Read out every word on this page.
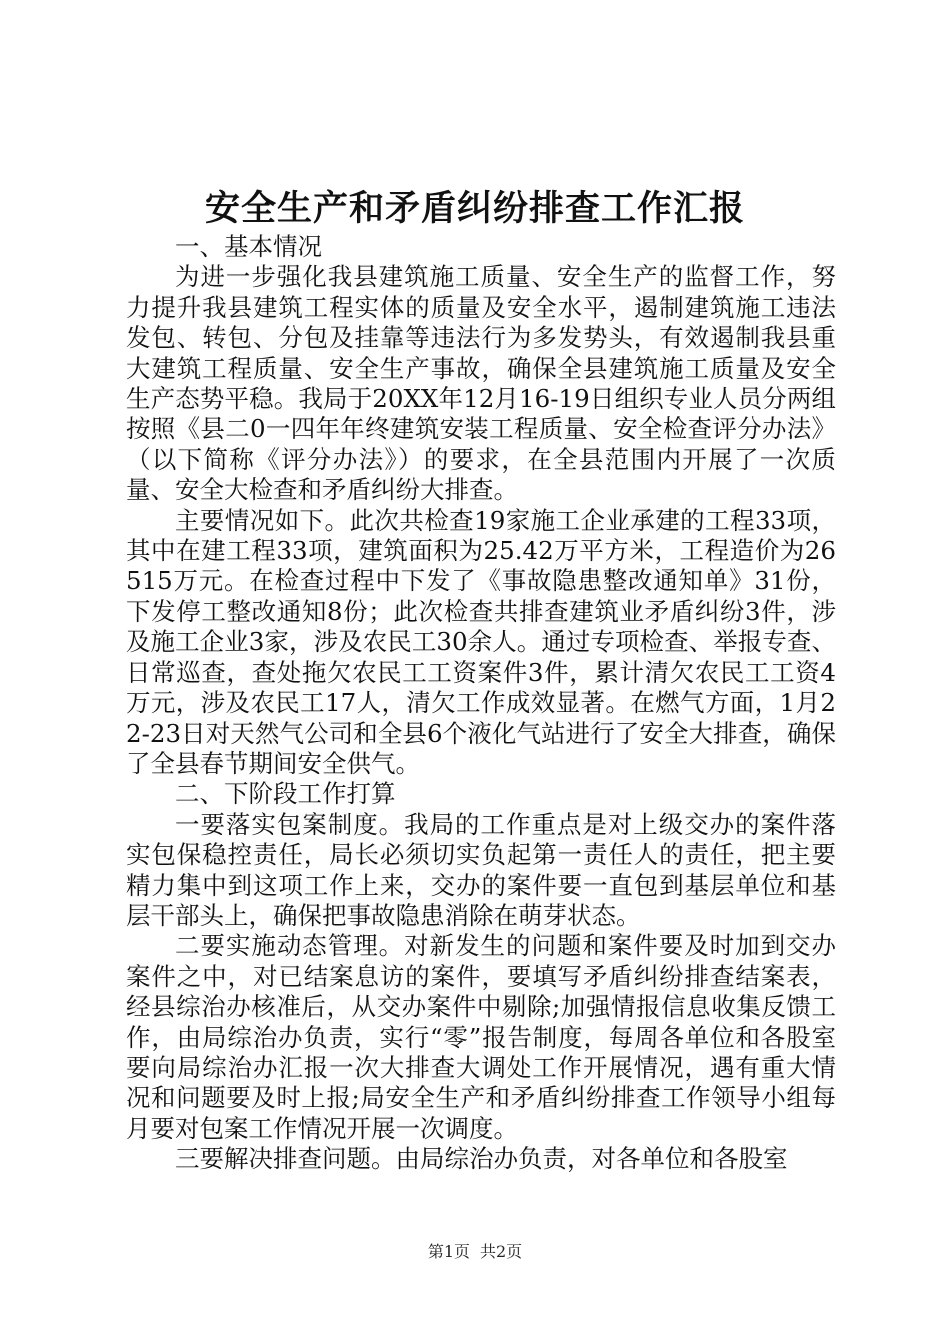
安全生产和矛盾纠纷排查工作汇报

一、基本情况

为进一步强化我县建筑施工质量、安全生产的监督工作，努力提升我县建筑工程实体的质量及安全水平，遏制建筑施工违法发包、转包、分包及挂靠等违法行为多发势头，有效遏制我县重大建筑工程质量、安全生产事故，确保全县建筑施工质量及安全生产态势平稳。我局于20XX年12月16-19日组织专业人员分两组按照《县二0一四年年终建筑安装工程质量、安全检查评分办法》（以下简称《评分办法》）的要求，在全县范围内开展了一次质量、安全大检查和矛盾纠纷大排查。

主要情况如下。此次共检查19家施工企业承建的工程33项，其中在建工程33项，建筑面积为25.42万平方米，工程造价为26515万元。在检查过程中下发了《事故隐患整改通知单》31份，下发停工整改通知8份；此次检查共排查建筑业矛盾纠纷3件，涉及施工企业3家，涉及农民工30余人。通过专项检查、举报专查、日常巡查，查处拖欠农民工工资案件3件，累计清欠农民工工资4万元，涉及农民工17人，清欠工作成效显著。在燃气方面，1月22-23日对天然气公司和全县6个液化气站进行了安全大排查，确保了全县春节期间安全供气。

二、下阶段工作打算

一要落实包案制度。我局的工作重点是对上级交办的案件落实包保稳控责任，局长必须切实负起第一责任人的责任，把主要精力集中到这项工作上来，交办的案件要一直包到基层单位和基层干部头上，确保把事故隐患消除在萌芽状态。

二要实施动态管理。对新发生的问题和案件要及时加到交办案件之中，对已结案息访的案件，要填写矛盾纠纷排查结案表，经县综治办核准后，从交办案件中剔除;加强情报信息收集反馈工作，由局综治办负责，实行“零”报告制度，每周各单位和各股室要向局综治办汇报一次大排查大调处工作开展情况，遇有重大情况和问题要及时上报;局安全生产和矛盾纠纷排查工作领导小组每月要对包案工作情况开展一次调度。

三要解决排查问题。由局综治办负责，对各单位和各股室

第1页 共2页
